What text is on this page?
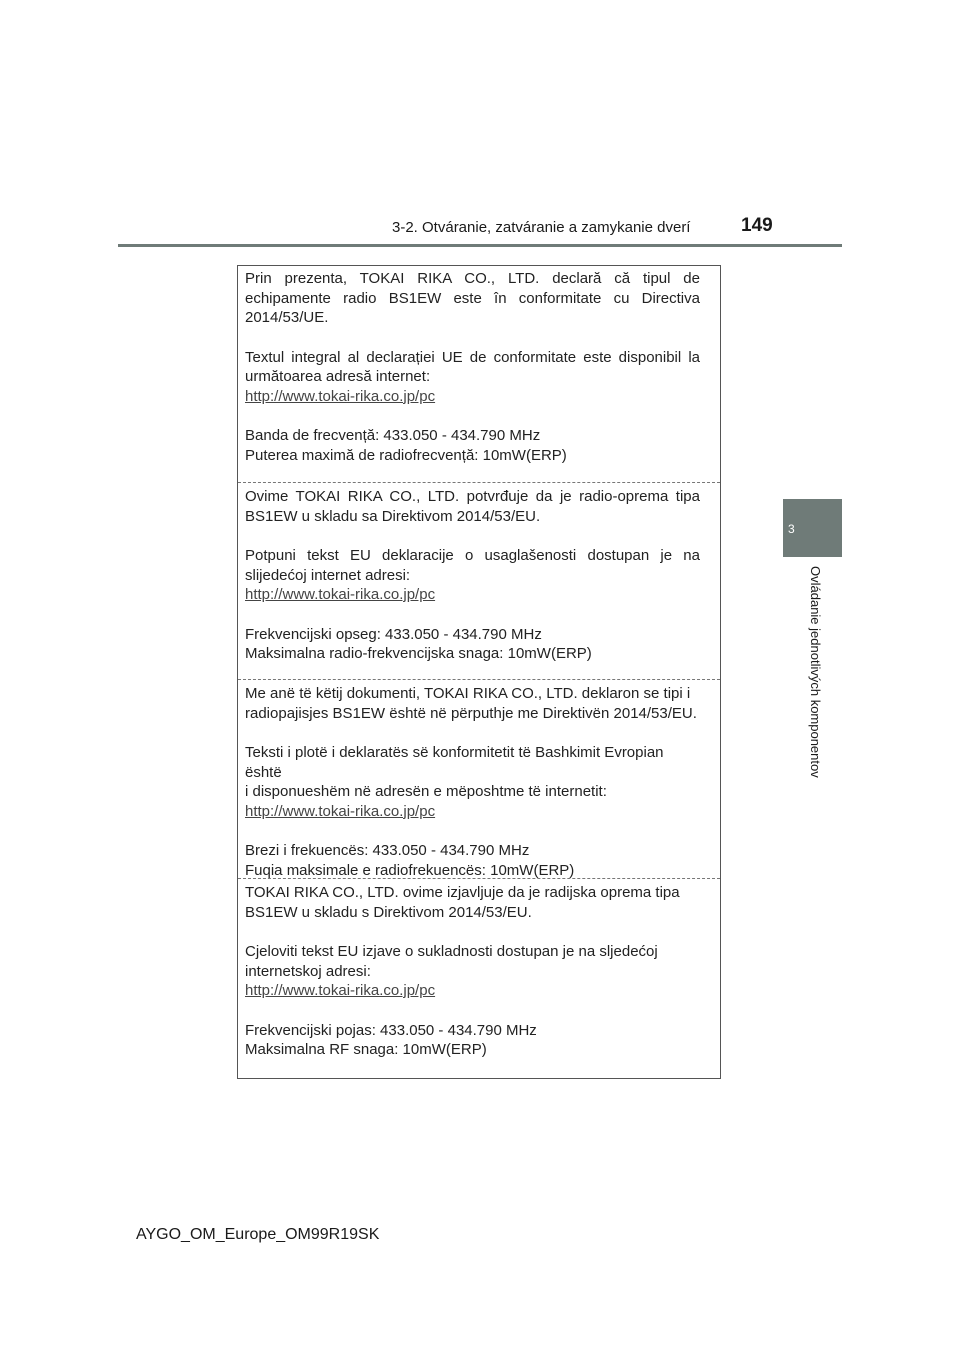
3-2. Otváranie, zatváranie a zamykanie dverí	149
3
Ovládanie jednotlivých komponentov

Prin prezenta, TOKAI RIKA CO., LTD. declară că tipul de

echipamente radio BS1EW este în conformitate cu Directiva

2014/53/UE.

Textul integral al declarației UE de conformitate este disponibil la

următoarea adresă internet:

http://www.tokai-rika.co.jp/pc

Banda de frecvență: 433.050 - 434.790 MHz

Puterea maximă de radiofrecvență: 10mW(ERP)

Ovime TOKAI RIKA CO., LTD. potvrđuje da je radio-oprema tipa

BS1EW u skladu sa Direktivom 2014/53/EU.

Potpuni tekst EU deklaracije o usaglašenosti dostupan je na

slijedećoj internet adresi:

http://www.tokai-rika.co.jp/pc

Frekvencijski opseg: 433.050 - 434.790 MHz

Maksimalna radio-frekvencijska snaga: 10mW(ERP)

Me anë të këtij dokumenti, TOKAI RIKA CO., LTD. deklaron se tipi i

radiopajisjes BS1EW është në përputhje me Direktivën 2014/53/EU.

Teksti i plotë i deklaratës së konformitetit të Bashkimit Evropian është

i disponueshëm në adresën e mëposhtme të internetit:

http://www.tokai-rika.co.jp/pc

Brezi i frekuencës: 433.050 - 434.790 MHz

Fuqia maksimale e radiofrekuencës: 10mW(ERP)

TOKAI RIKA CO., LTD. ovime izjavljuje da je radijska oprema tipa

BS1EW u skladu s Direktivom 2014/53/EU.

Cjeloviti tekst EU izjave o sukladnosti dostupan je na sljedećoj

internetskoj adresi:

http://www.tokai-rika.co.jp/pc

Frekvencijski pojas: 433.050 - 434.790 MHz

Maksimalna RF snaga: 10mW(ERP)

AYGO_OM_Europe_OM99R19SK
